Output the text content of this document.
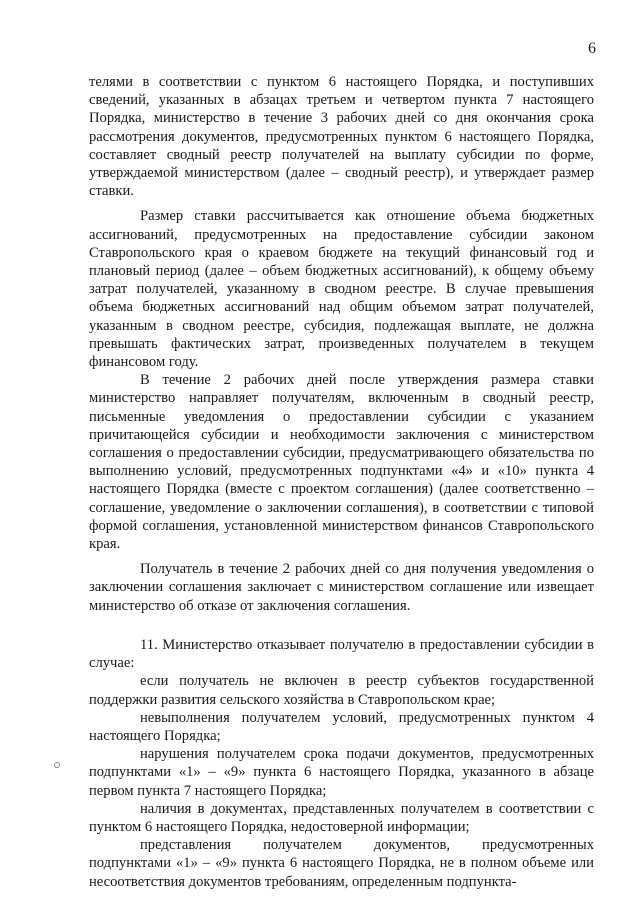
6

телями в соответствии с пунктом 6 настоящего Порядка, и поступивших сведений, указанных в абзацах третьем и четвертом пункта 7 настоящего Порядка, министерство в течение 3 рабочих дней со дня окончания срока рассмотрения документов, предусмотренных пунктом 6 настоящего Порядка, составляет сводный реестр получателей на выплату субсидии по форме, утверждаемой министерством (далее – сводный реестр), и утверждает размер ставки.

Размер ставки рассчитывается как отношение объема бюджетных ассигнований, предусмотренных на предоставление субсидии законом Ставропольского края о краевом бюджете на текущий финансовый год и плановый период (далее – объем бюджетных ассигнований), к общему объему затрат получателей, указанному в сводном реестре. В случае превышения объема бюджетных ассигнований над общим объемом затрат получателей, указанным в сводном реестре, субсидия, подлежащая выплате, не должна превышать фактических затрат, произведенных получателем в текущем финансовом году.

В течение 2 рабочих дней после утверждения размера ставки министерство направляет получателям, включенным в сводный реестр, письменные уведомления о предоставлении субсидии с указанием причитающейся субсидии и необходимости заключения с министерством соглашения о предоставлении субсидии, предусматривающего обязательства по выполнению условий, предусмотренных подпунктами «4» и «10» пункта 4 настоящего Порядка (вместе с проектом соглашения) (далее соответственно – соглашение, уведомление о заключении соглашения), в соответствии с типовой формой соглашения, установленной министерством финансов Ставропольского края.

Получатель в течение 2 рабочих дней со дня получения уведомления о заключении соглашения заключает с министерством соглашение или извещает министерство об отказе от заключения соглашения.

11. Министерство отказывает получателю в предоставлении субсидии в случае:

если получатель не включен в реестр субъектов государственной поддержки развития сельского хозяйства в Ставропольском крае;

невыполнения получателем условий, предусмотренных пунктом 4 настоящего Порядка;

нарушения получателем срока подачи документов, предусмотренных подпунктами «1» – «9» пункта 6 настоящего Порядка, указанного в абзаце первом пункта 7 настоящего Порядка;

наличия в документах, представленных получателем в соответствии с пунктом 6 настоящего Порядка, недостоверной информации;

представления получателем документов, предусмотренных подпунктами «1» – «9» пункта 6 настоящего Порядка, не в полном объеме или несоответствия документов требованиям, определенным подпункта-
